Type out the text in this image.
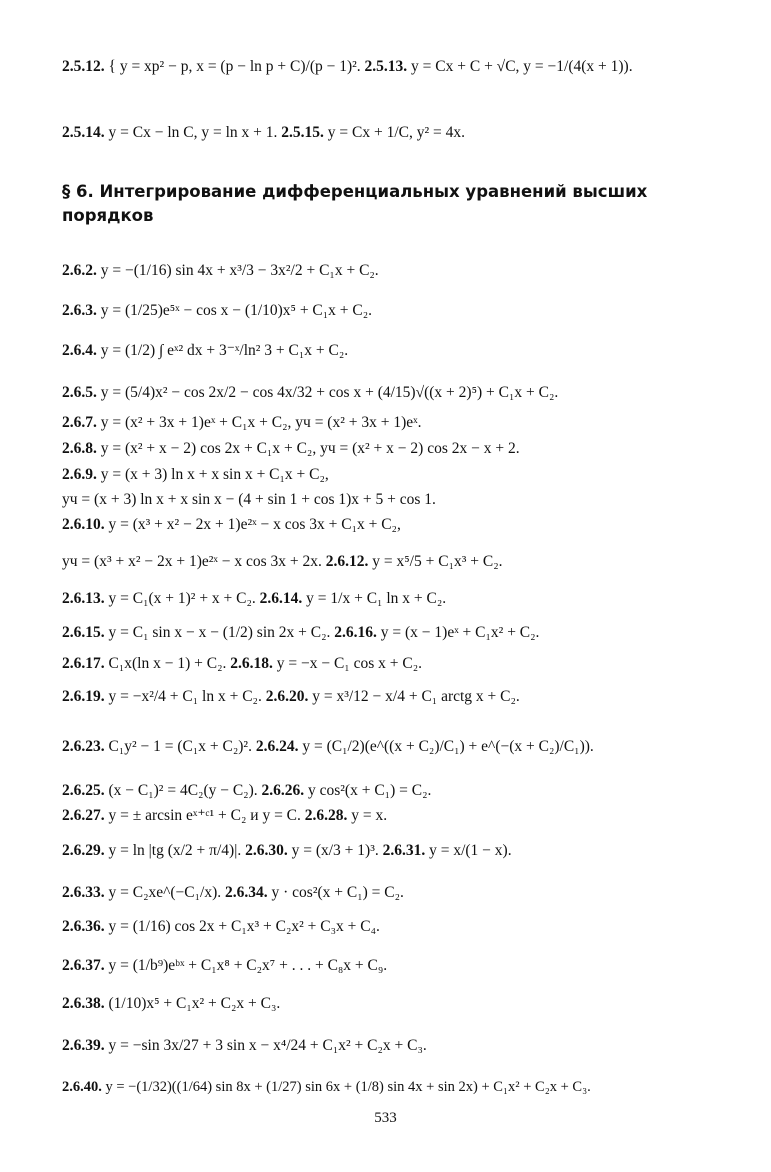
2.5.12. { y = xp² − p, x = (p − ln p + C)/(p − 1)². 2.5.13. y = Cx + C + √C, y = −1/(4(x + 1)).
2.5.14. y = Cx − ln C, y = ln x + 1. 2.5.15. y = Cx + 1/C, y² = 4x.

§ 6. Интегрирование дифференциальных уравнений высших

порядков

2.6.2. y = −(1/16) sin 4x + x³/3 − 3x²/2 + C₁x + C₂.
2.6.3. y = (1/25)e⁵ˣ − cos x − (1/10)x⁵ + C₁x + C₂.
2.6.4. y = (1/2) ∫ eˣ² dx + 3⁻ˣ/ln² 3 + C₁x + C₂.
2.6.5. y = (5/4)x² − cos 2x/2 − cos 4x/32 + cos x + (4/15)√((x + 2)⁵) + C₁x + C₂.
2.6.7. y = (x² + 3x + 1)eˣ + C₁x + C₂, yч = (x² + 3x + 1)eˣ.
2.6.8. y = (x² + x − 2) cos 2x + C₁x + C₂, yч = (x² + x − 2) cos 2x − x + 2.
2.6.9. y = (x + 3) ln x + x sin x + C₁x + C₂,
yч = (x + 3) ln x + x sin x − (4 + sin 1 + cos 1)x + 5 + cos 1.
2.6.10. y = (x³ + x² − 2x + 1)e²ˣ − x cos 3x + C₁x + C₂,
yч = (x³ + x² − 2x + 1)e²ˣ − x cos 3x + 2x. 2.6.12. y = x⁵/5 + C₁x³ + C₂.
2.6.13. y = C₁(x + 1)² + x + C₂. 2.6.14. y = 1/x + C₁ ln x + C₂.
2.6.15. y = C₁ sin x − x − (1/2) sin 2x + C₂. 2.6.16. y = (x − 1)eˣ + C₁x² + C₂.
2.6.17. C₁x(ln x − 1) + C₂. 2.6.18. y = −x − C₁ cos x + C₂.
2.6.19. y = −x²/4 + C₁ ln x + C₂. 2.6.20. y = x³/12 − x/4 + C₁ arctg x + C₂.
2.6.23. C₁y² − 1 = (C₁x + C₂)². 2.6.24. y = (C₁/2)(e^((x + C₂)/C₁) + e^(−(x + C₂)/C₁)).
2.6.25. (x − C₁)² = 4C₂(y − C₂). 2.6.26. y cos²(x + C₁) = C₂.
2.6.27. y = ± arcsin eˣ⁺ᶜ¹ + C₂ и y = C. 2.6.28. y = x.
2.6.29. y = ln |tg (x/2 + π/4)|. 2.6.30. y = (x/3 + 1)³. 2.6.31. y = x/(1 − x).
2.6.33. y = C₂xe^(−C₁/x). 2.6.34. y · cos²(x + C₁) = C₂.
2.6.36. y = (1/16) cos 2x + C₁x³ + C₂x² + C₃x + C₄.
2.6.37. y = (1/b⁹)eᵇˣ + C₁x⁸ + C₂x⁷ + . . . + C₈x + C₉.
2.6.38. (1/10)x⁵ + C₁x² + C₂x + C₃.
2.6.39. y = −sin 3x/27 + 3 sin x − x⁴/24 + C₁x² + C₂x + C₃.
2.6.40. y = −(1/32)((1/64) sin 8x + (1/27) sin 6x + (1/8) sin 4x + sin 2x) + C₁x² + C₂x + C₃.
533
